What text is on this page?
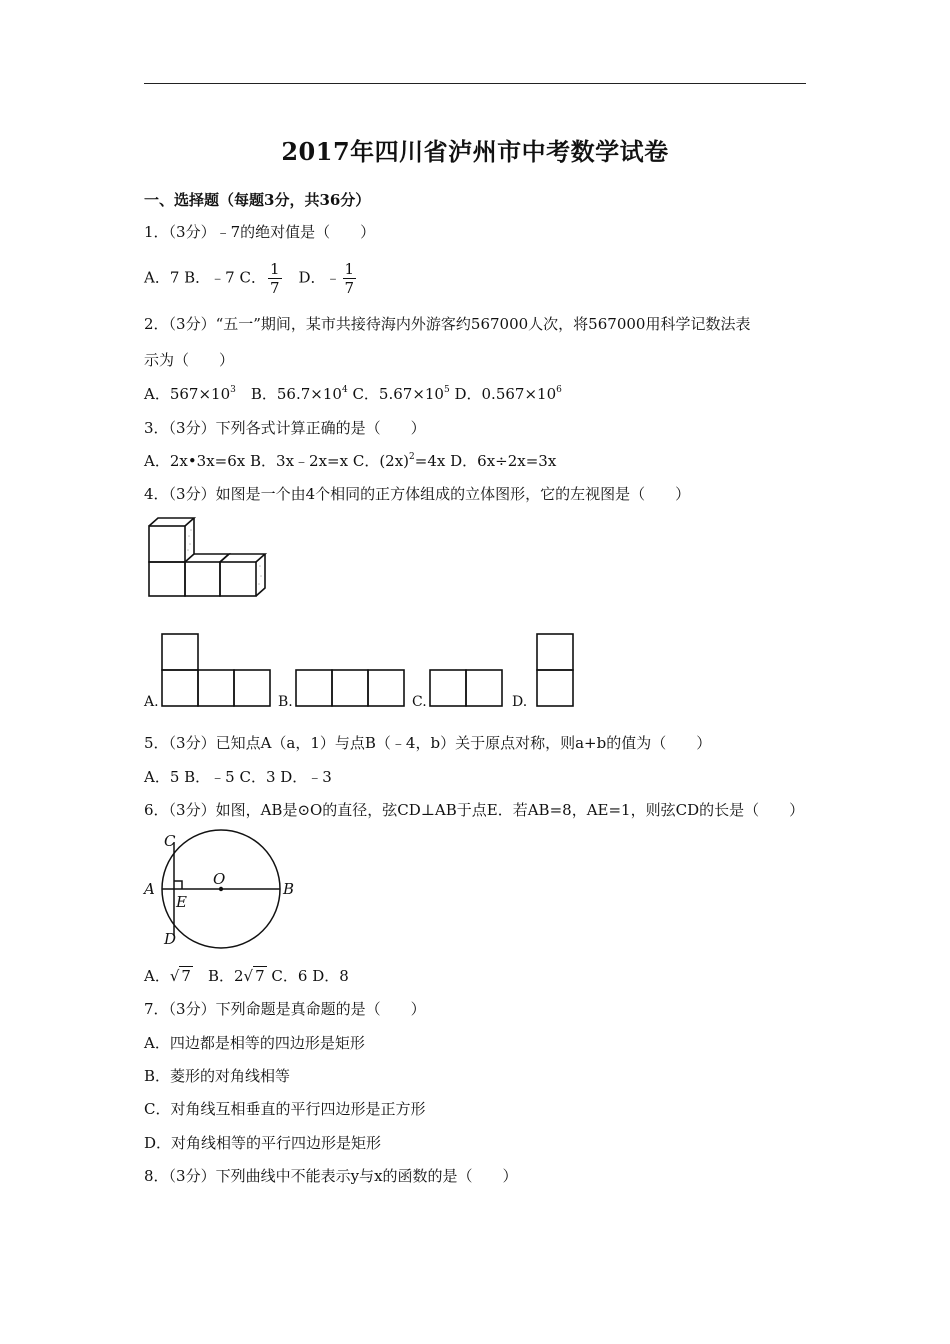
2017年四川省泸州市中考数学试卷
一、选择题（每题3分，共36分）
1．（3分）﹣7的绝对值是（　　）
A．7 B．﹣7 C． $\frac{1}{7}$ 　D．﹣ $\frac{1}{7}$
2．（3分）“五一”期间，某市共接待海内外游客约567000人次，将567000用科学记数法表
示为（　　）
A．$567\times 10^3$　B．$56.7\times 10^4$ C．$5.67\times 10^5$ D．$0.567\times 10^6$
3．（3分）下列各式计算正确的是（　　）
A．2x•3x=6x B．3x﹣2x=x C．$(2x)^2=4x$ D．6x÷2x=3x
4．（3分）如图是一个由4个相同的正方体组成的立体图形，它的左视图是（　　）
A.	B.	C.	D.
5．（3分）已知点A（a，1）与点B（﹣4，b）关于原点对称，则a+b的值为（　　）
A．5 B．﹣5 C．3 D．﹣3
6．（3分）如图，AB是⊙O的直径，弦CD⊥AB于点E．若AB=8，AE=1，则弦CD的长是（　　）
C
A
O
B
E
D
A．√ 7　B．2√ 7 C．6 D．8
7．（3分）下列命题是真命题的是（　　）
A．四边都是相等的四边形是矩形
B．菱形的对角线相等
C．对角线互相垂直的平行四边形是正方形
D．对角线相等的平行四边形是矩形
8．（3分）下列曲线中不能表示y与x的函数的是（　　）
